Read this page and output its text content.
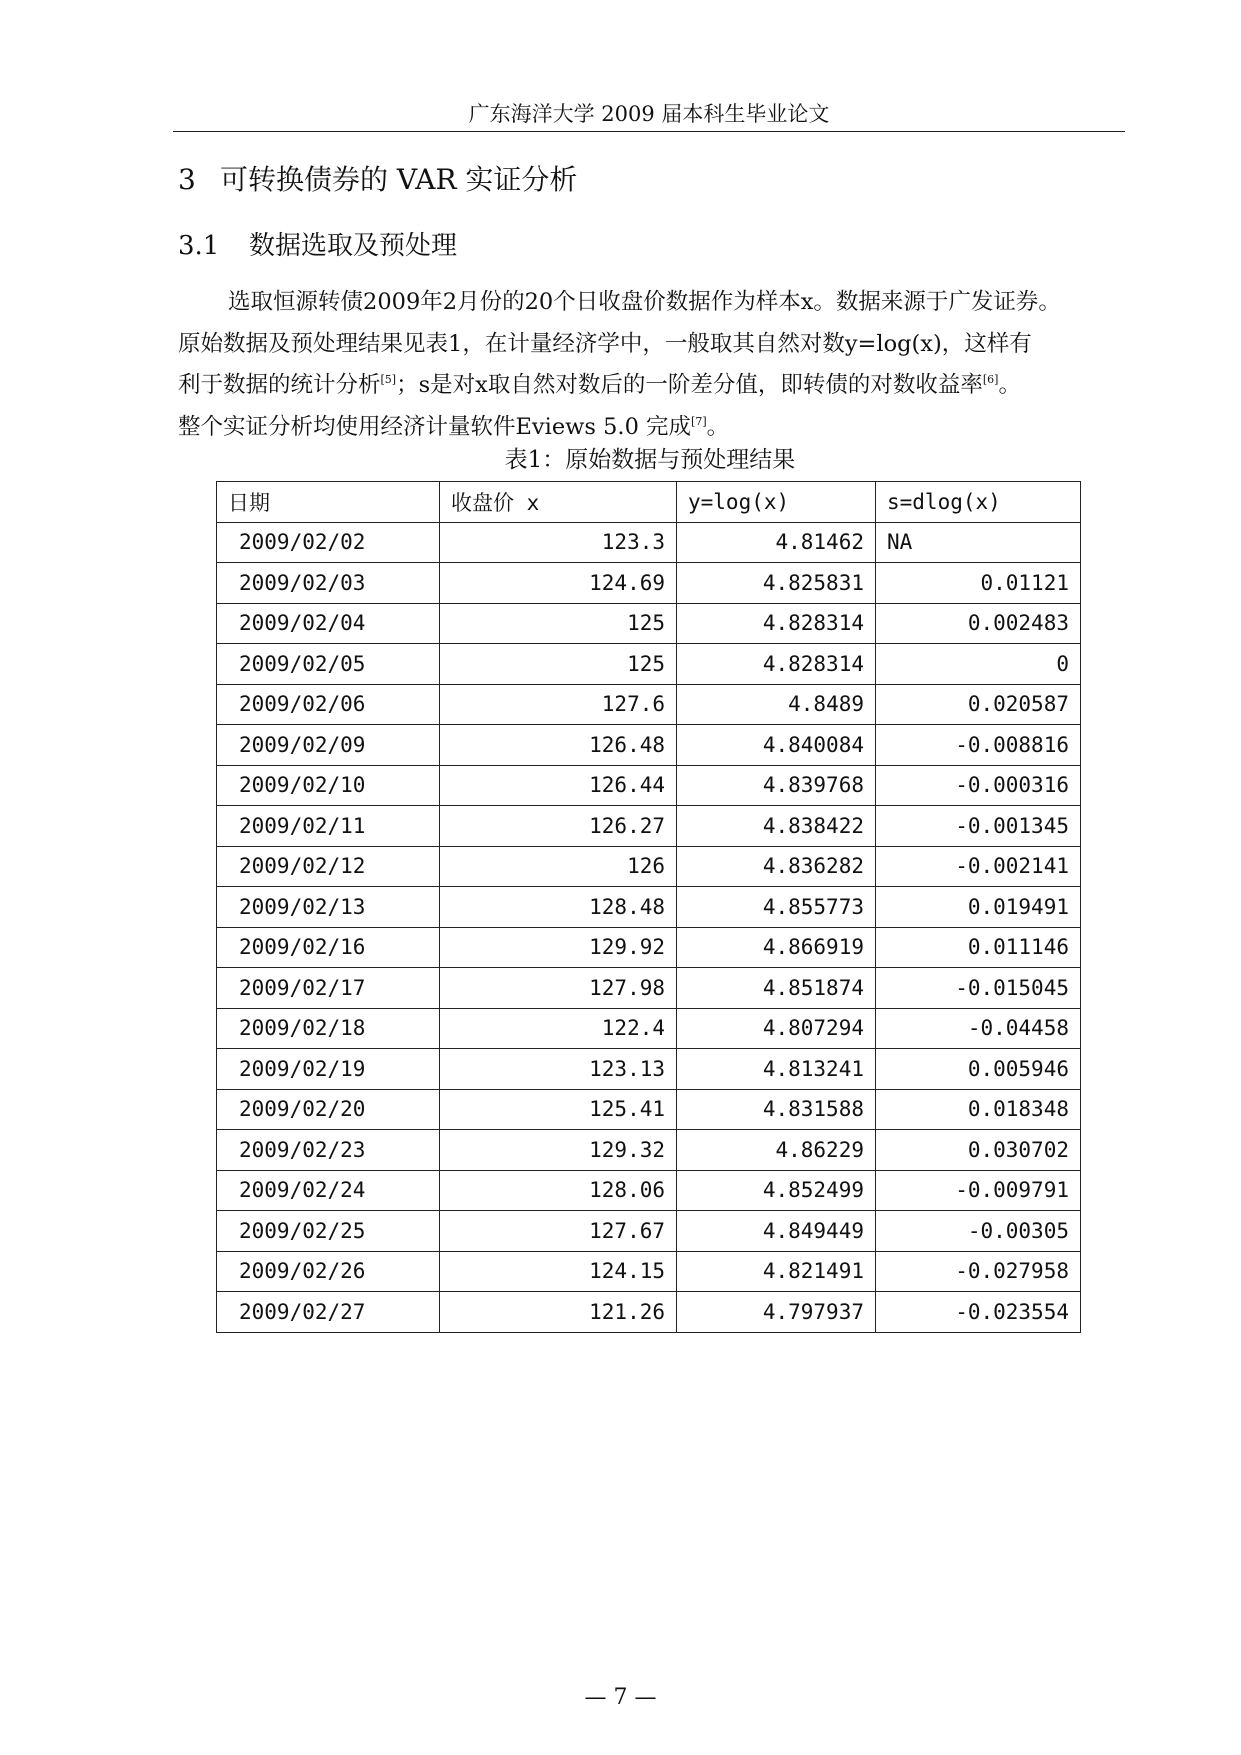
广东海洋大学 2009 届本科生毕业论文
3 可转换债券的 VAR 实证分析
3.1 数据选取及预处理
选取恒源转债2009年2月份的20个日收盘价数据作为样本x。数据来源于广发证券。
原始数据及预处理结果见表1，在计量经济学中，一般取其自然对数y=log(x)，这样有
利于数据的统计分析[5]；s是对x取自然对数后的一阶差分值，即转债的对数收益率[6]。
整个实证分析均使用经济计量软件Eviews 5.0 完成[7]。
表1：原始数据与预处理结果
日期	收盘价 x	y=log(x)	s=dlog(x)
2009/02/02	123.3	4.81462	NA
2009/02/03	124.69	4.825831	0.01121
2009/02/04	125	4.828314	0.002483
2009/02/05	125	4.828314	0
2009/02/06	127.6	4.8489	0.020587
2009/02/09	126.48	4.840084	-0.008816
2009/02/10	126.44	4.839768	-0.000316
2009/02/11	126.27	4.838422	-0.001345
2009/02/12	126	4.836282	-0.002141
2009/02/13	128.48	4.855773	0.019491
2009/02/16	129.92	4.866919	0.011146
2009/02/17	127.98	4.851874	-0.015045
2009/02/18	122.4	4.807294	-0.04458
2009/02/19	123.13	4.813241	0.005946
2009/02/20	125.41	4.831588	0.018348
2009/02/23	129.32	4.86229	0.030702
2009/02/24	128.06	4.852499	-0.009791
2009/02/25	127.67	4.849449	-0.00305
2009/02/26	124.15	4.821491	-0.027958
2009/02/27	121.26	4.797937	-0.023554
— 7 —
